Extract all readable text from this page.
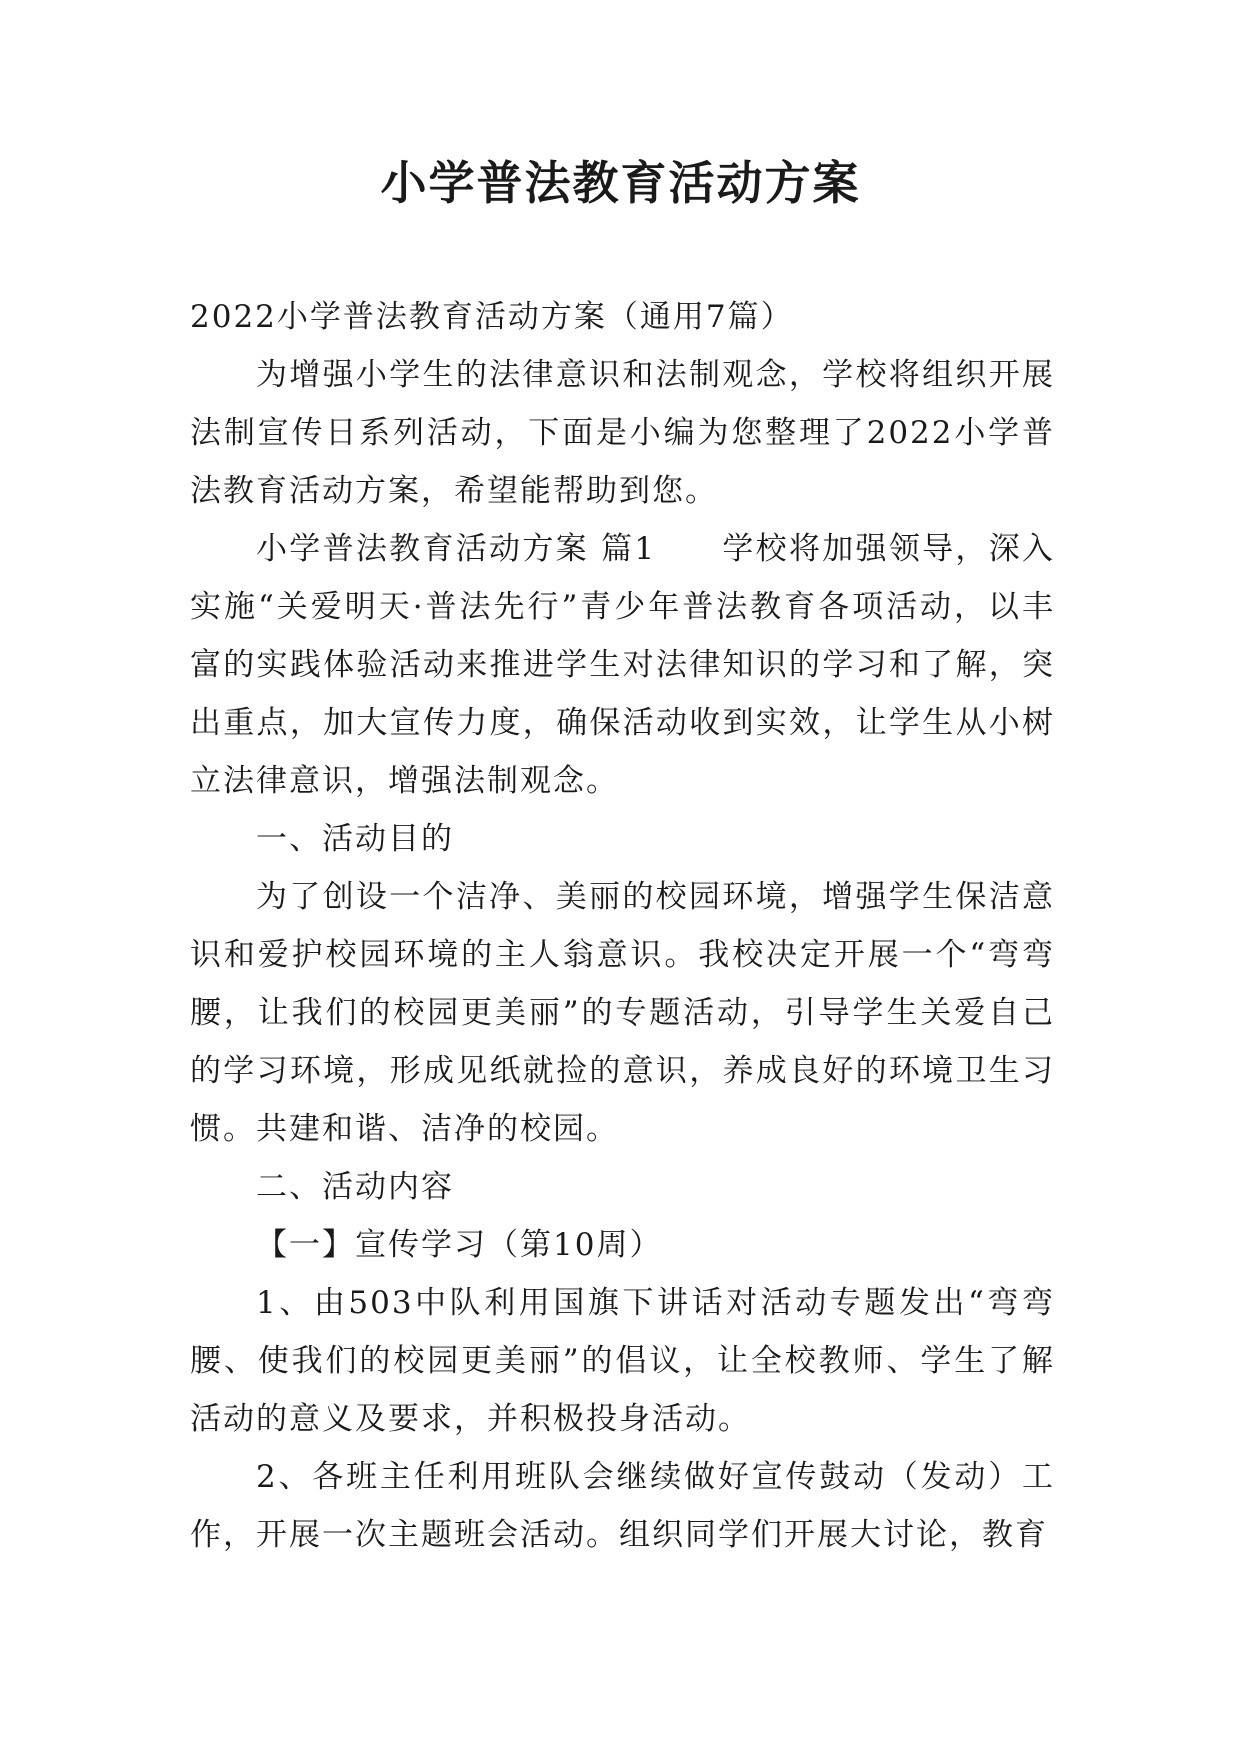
小学普法教育活动方案

2022小学普法教育活动方案（通用7篇）

为增强小学生的法律意识和法制观念，学校将组织开展法制宣传日系列活动，下面是小编为您整理了2022小学普法教育活动方案，希望能帮助到您。

小学普法教育活动方案 篇1 学校将加强领导，深入实施“关爱明天·普法先行”青少年普法教育各项活动，以丰富的实践体验活动来推进学生对法律知识的学习和了解，突出重点，加大宣传力度，确保活动收到实效，让学生从小树立法律意识，增强法制观念。

一、活动目的

为了创设一个洁净、美丽的校园环境，增强学生保洁意识和爱护校园环境的主人翁意识。我校决定开展一个“弯弯腰，让我们的校园更美丽”的专题活动，引导学生关爱自己的学习环境，形成见纸就捡的意识，养成良好的环境卫生习惯。共建和谐、洁净的校园。

二、活动内容

【一】宣传学习（第10周）

1、由503中队利用国旗下讲话对活动专题发出“弯弯腰、使我们的校园更美丽”的倡议，让全校教师、学生了解活动的意义及要求，并积极投身活动。

2、各班主任利用班队会继续做好宣传鼓动（发动）工作，开展一次主题班会活动。组织同学们开展大讨论，教育
